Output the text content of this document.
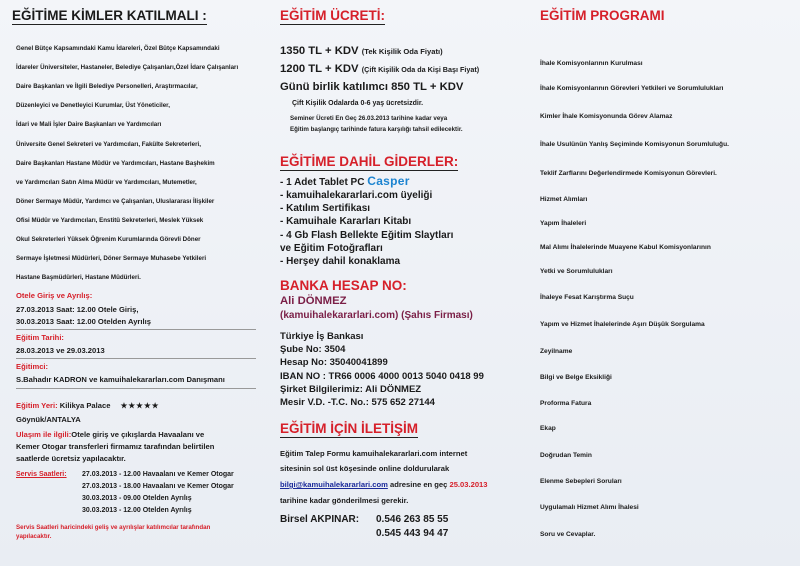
EĞİTİME KİMLER KATILMALI :
Genel Bütçe Kapsamındaki Kamu İdareleri, Özel Bütçe Kapsamındaki
İdareler Üniversiteler, Hastaneler, Belediye Çalışanları,Özel İdare Çalışanları
Daire Başkanları ve İlgili Belediye Personelleri, Araştırmacılar,
Düzenleyici ve Denetleyici Kurumlar, Üst Yöneticiler,
İdari ve Mali İşler Daire Başkanları ve Yardımcıları
Üniversite Genel Sekreteri ve Yardımcıları, Fakülte Sekreterleri,
Daire Başkanları Hastane Müdür ve Yardımcıları, Hastane Başhekim
ve Yardımcıları Satın Alma Müdür ve Yardımcıları, Mutemetler,
Döner Sermaye Müdür, Yardımcı ve Çalışanları, Uluslararası İlişkiler
Ofisi Müdür ve Yardımcıları, Enstitü Sekreterleri, Meslek Yüksek
Okul Sekreterleri Yüksek Öğrenim Kurumlarında Görevli Döner
Sermaye İşletmesi Müdürleri, Döner Sermaye Muhasebe Yetkileri
Hastane Başmüdürleri, Hastane Müdürleri.
Otele Giriş ve Ayrılış:
27.03.2013 Saat: 12.00 Otele Giriş,
30.03.2013 Saat: 12.00 Otelden Ayrılış
Eğitim Tarihi:
28.03.2013 ve 29.03.2013
Eğitimci:
S.Bahadır KADRON ve kamuihalekararları.com Danışmanı
Eğitim Yeri: Kilikya Palace ★★★★★
Göynük/ANTALYA
Ulaşım ile ilgili:Otele giriş ve çıkışlarda Havaalanı ve
Kemer Otogar transferleri firmamız tarafından belirtilen
saatlerde ücretsiz yapılacaktır.
Servis Saatleri: 27.03.2013 - 12.00 Havaalanı ve Kemer Otogar
27.03.2013 - 18.00 Havaalanı ve Kemer Otogar
30.03.2013 - 09.00 Otelden Ayrılış
30.03.2013 - 12.00 Otelden Ayrılış
Servis Saatleri haricindeki geliş ve ayrılışlar katılımcılar tarafından
yapılacaktır.
EĞİTİM ÜCRETİ:
1350 TL + KDV (Tek Kişilik Oda Fiyatı)
1200 TL + KDV (Çift Kişilik Oda da Kişi Başı Fiyat)
Günü birlik katılımcı 850 TL + KDV
Çift Kişilik Odalarda 0-6 yaş ücretsizdir.
Seminer Ücreti En Geç 26.03.2013 tarihine kadar veya
Eğitim başlangıç tarihinde fatura karşılığı tahsil edilecektir.
EĞİTİME DAHİL GİDERLER:
- 1 Adet Tablet PC Casper
- kamuihalekararlari.com üyeliği
- Katılım Sertifikası
- Kamuihale Kararları Kitabı
- 4 Gb Flash Bellekte Eğitim Slaytları
ve Eğitim Fotoğrafları
- Herşey dahil konaklama
BANKA HESAP NO:
Ali DÖNMEZ
(kamuihalekararlari.com) (Şahıs Firması)
Türkiye İş Bankası
Şube No: 3504
Hesap No: 35040041899
IBAN NO : TR66 0006 4000 0013 5040 0418 99
Şirket Bilgilerimiz: Ali DÖNMEZ
Mesir V.D. -T.C. No.: 575 652 27144
EĞİTİM İÇİN İLETİŞİM
Eğitim Talep Formu kamuihalekararlari.com internet
sitesinin sol üst köşesinde online doldurularak
bilgi@kamuihalekararlari.com adresine en geç 25.03.2013
tarihine kadar gönderilmesi gerekir.
Birsel AKPINAR: 0.546 263 85 55
0.545 443 94 47
EĞİTİM PROGRAMI
İhale Komisyonlarının Kurulması
İhale Komisyonlarının Görevleri Yetkileri ve Sorumlulukları
Kimler İhale Komisyonunda Görev Alamaz
İhale Usulünün Yanlış Seçiminde Komisyonun Sorumluluğu.
Teklif Zarflarını Değerlendirmede Komisyonun Görevleri.
Hizmet Alımları
Yapım İhaleleri
Mal Alımı İhalelerinde Muayene Kabul Komisyonlarının
Yetki ve Sorumlulukları
İhaleye Fesat Karıştırma Suçu
Yapım ve Hizmet İhalelerinde Aşırı Düşük Sorgulama
Zeyilname
Bilgi ve Belge Eksikliği
Proforma Fatura
Ekap
Doğrudan Temin
Elenme Sebepleri Soruları
Uygulamalı Hizmet Alımı İhalesi
Soru ve Cevaplar.
